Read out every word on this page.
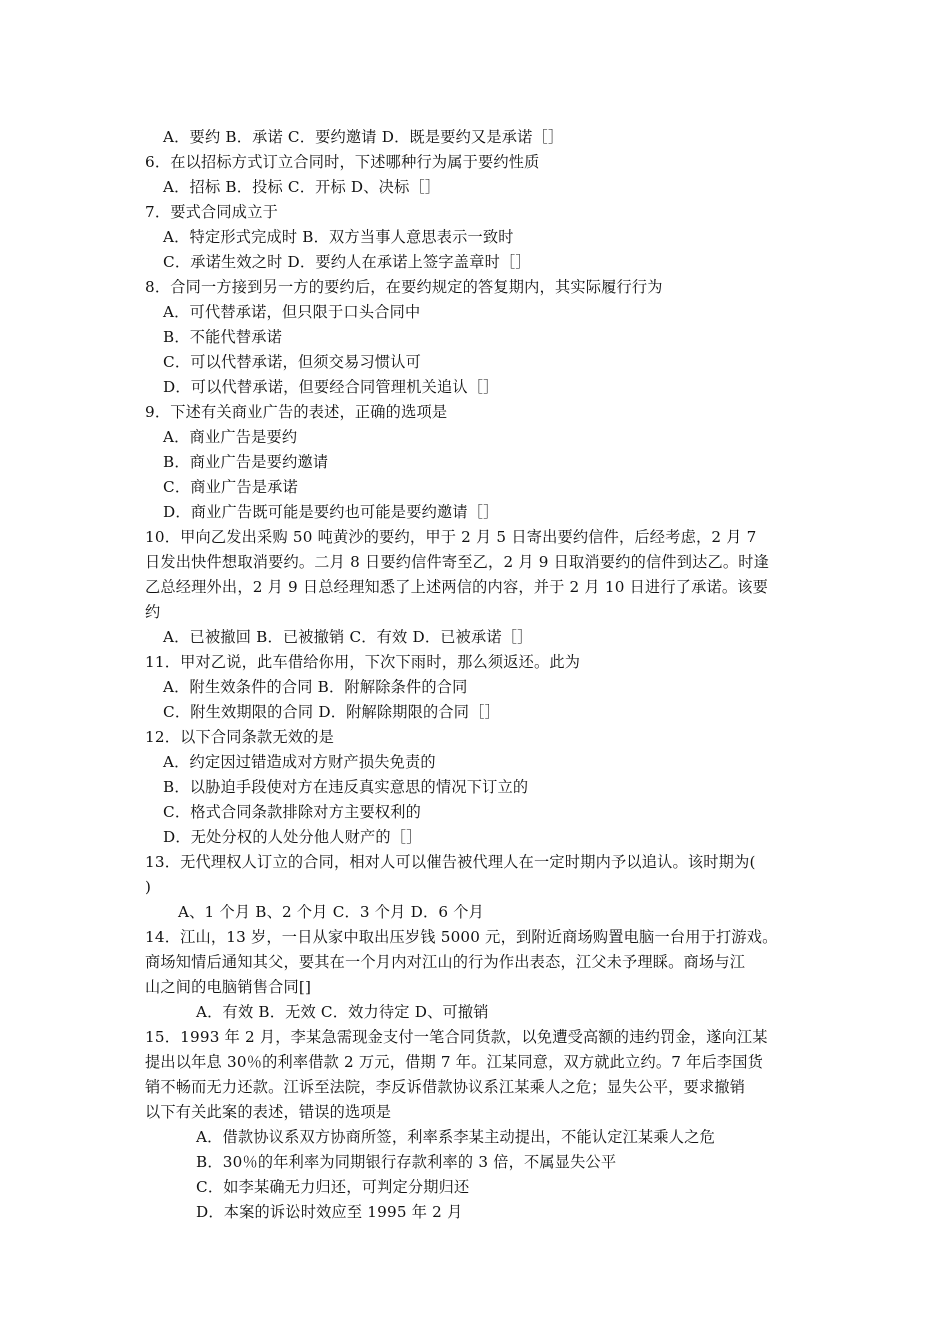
A．要约 B．承诺 C．要约邀请 D．既是要约又是承诺［］
6．在以招标方式订立合同时，下述哪种行为属于要约性质
A．招标 B．投标 C．开标 D、决标［］
7．要式合同成立于
A．特定形式完成时 B．双方当事人意思表示一致时
C．承诺生效之时 D．要约人在承诺上签字盖章时［］
8．合同一方接到另一方的要约后，在要约规定的答复期内，其实际履行行为
A．可代替承诺，但只限于口头合同中
B．不能代替承诺
C．可以代替承诺，但须交易习惯认可
D．可以代替承诺，但要经合同管理机关追认［］
9．下述有关商业广告的表述，正确的选项是
A．商业广告是要约
B．商业广告是要约邀请
C．商业广告是承诺
D．商业广告既可能是要约也可能是要约邀请［］
10．甲向乙发出采购 50 吨黄沙的要约，甲于 2 月 5 日寄出要约信件，后经考虑，2 月 7
日发出快件想取消要约。二月 8 日要约信件寄至乙，2 月 9 日取消要约的信件到达乙。时逢
乙总经理外出，2 月 9 日总经理知悉了上述两信的内容，并于 2 月 10 日进行了承诺。该要
约
A．已被撤回 B．已被撤销 C．有效 D．已被承诺［］
11．甲对乙说，此车借给你用，下次下雨时，那么须返还。此为
A．附生效条件的合同 B．附解除条件的合同
C．附生效期限的合同 D．附解除期限的合同［］
12．以下合同条款无效的是
A．约定因过错造成对方财产损失免责的
B．以胁迫手段使对方在违反真实意思的情况下订立的
C．格式合同条款排除对方主要权利的
D．无处分权的人处分他人财产的［］
13．无代理权人订立的合同，相对人可以催告被代理人在一定时期内予以追认。该时期为(
)
A、1 个月 B、2 个月 C．3 个月 D．6 个月
14．江山，13 岁，一日从家中取出压岁钱 5000 元，到附近商场购置电脑一台用于打游戏。
商场知情后通知其父，要其在一个月内对江山的行为作出表态，江父未予理睬。商场与江
山之间的电脑销售合同[]
A．有效 B．无效 C．效力待定 D、可撤销
15．1993 年 2 月，李某急需现金支付一笔合同货款，以免遭受高额的违约罚金，遂向江某
提出以年息 30％的利率借款 2 万元，借期 7 年。江某同意，双方就此立约。7 年后李国货
销不畅而无力还款。江诉至法院，李反诉借款协议系江某乘人之危；显失公平，要求撤销
以下有关此案的表述，错误的选项是
A．借款协议系双方协商所签，利率系李某主动提出，不能认定江某乘人之危
B．30％的年利率为同期银行存款利率的 3 倍，不属显失公平
C．如李某确无力归还，可判定分期归还
D．本案的诉讼时效应至 1995 年 2 月
